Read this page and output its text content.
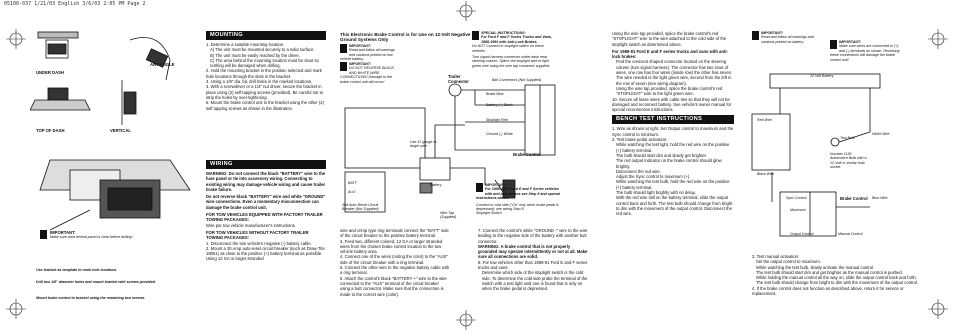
05100-037 1/21/03 English 3/6/03 2:05 PM Page 2
UNDER DASH
ANY ANGLE
TOP OF DASH	VERTICAL
IMPORTANT:
Make sure area behind panel is clear before drilling!
Use bracket as template to mark hole locations.
Drill two 1/8" diameter holes and mount bracket with screws provided.
Mount brake control to bracket using the remaining two screws.
MOUNTING

1. Determine a suitable mounting location.

A) The unit must be mounted securely to a solid surface.

B) The unit must be easily reached by the driver.

C) The area behind the mounting location must be clear so nothing will be damaged when drilling.

2. Hold the mounting bracket in the position selected and mark hole locations through the slots in the bracket.

3. Using a 1/8" dia. bit, drill holes in the marked locations.

4. With a screwdriver or a 1/4" nut driver, secure the bracket in place using (2) self tapping screws (provided). Be careful not to strip the holes by over-tightening.

5. Mount the brake control unit in the bracket using the other (2) self tapping screws as shown in the illustration.

WIRING

WARNING: Do not connect the black "BATTERY" wire to the fuse panel or tie into accessory wiring. Connecting to existing wiring may damage vehicle wiring and cause trailer brake failure.

Do not reverse black "BATTERY" wire and white "GROUND" wire connections. Even a momentary misconnection can damage the brake control unit.

FOR TOW VEHICLES EQUIPPED WITH FACTORY TRAILER TOWING PACKAGES:

Wire per tow vehicle manufacturer's instructions.

FOR TOW VEHICLES WITHOUT FACTORY TRAILER TOWING PACKAGES:

1. Disconnect the tow vehicle's negative (-) battery cable.

2. Mount a 30 Amp auto-reset circuit breaker (such as Draw-Tite 18051) as close to the positive (+) battery terminal as possible. Using 12 GA or larger stranded

This Electronic Brake Control is for Use on 12-Volt Negative Ground Systems Only
IMPORTANT:
Read and follow all warnings and cautions printed on low vehicle battery.
IMPORTANT:
DO NOT REVERSE BLACK AND WHITE WIRE CONNECTIONS! Damage to the brake control unit will occur!
SPECIAL INSTRUCTIONS:
For Ford F and F Series Trucks and Vans, 1988-1991 with Anti-Lock Brakes
Do NOT Connect to stoplight switch on these vehicles
Turn signal harness connector under dash near steering column. Splice red stoplight wire to light green wire using the wire tap connector supplied.
Trailer Connector	Ball Connectors (Not Supplied)
Brake Blue
Battery (+) Black
Stoplight Red
Ground (-) White
Brake Control
Use 12 gauge or larger wire
BATT
AUX
30A Auto-Reset Circuit Breaker (Not Supplied)
Battery
Wire Tap (Supplied)
Stoplight Switch
IMPORTANT:
For 1988-1991 Ford E and F Series vehicles with anti-lock brakes see Step 8 and special instructions above.
Connect to cold side ("On" only when brake pedal is depressed); see wiring Step 8.

wire and crimp type ring terminals connect the "BATT" side of the circuit breaker to the positive battery terminal.

3. Feed two, different colored, 12 GA or larger stranded wires from the chosen brake control location to the tow vehicle battery area.

4. Connect one of the wires (noting the color) to the "AUX" side of the circuit breaker with a ring terminal.

5. Connect the other wire to the negative battery cable with a ring terminal.

6. Attach the control's black "BATTERY +" wire to the wire connected to the "AUX" terminal of the circuit breaker using a butt connector. Make sure that the connection is made to the correct wire (color).

7. Connect the control's white "GROUND -" wire to the wire leading to the negative side of the battery with another butt connector.

WARNING: A brake control that is not properly grounded may operate intermittently or not at all. Make sure all connections are solid.

8. For tow vehicles other than 1988-91 Ford E and F series trucks and vans:

Determine which side of the stoplight switch is the cold side. To determine the cold side probe the terminal of the switch with a test light until one is found that is only on when the brake pedal is depressed.

Using the wire tap provided, splice the brake control's red "STOPLIGHT" wire to the wire attached to the cold side of the stoplight switch as determined above.

For 1989-91 Ford E and F series trucks and vans with anti-lock brakes:

Find the crescent shaped connector located on the steering column (turn signal harness). The connector has two rows of wires, one row has four wires (inside row) the other has seven. The wire needed is the light green wire, second from the left in the row of seven (see wiring diagram).

Using the wire tap provided, splice the brake control's red "STOPLIGHT" wire to the light green wire.

10. Secure all loose wires with cable ties so that they will not be damaged and reconnect battery. See vehicle's owner manual for special reconnection instructions.

BENCH TEST INSTRUCTIONS

1. Wire as shown at right. Set Output control to maximum and the Sync control to minimum.

2. Test brake pedal activation:

While watching the test light, hold the red wire on the positive (+) battery terminal.

The bulb should start dim and slowly get brighter.

The red output indicator on the brake control should glow brightly.

Disconnect the red wire.

Adjust the Sync control to maximum (+).

While watching the test bulb, hold the red wire on the positive (+) battery terminal.

The bulb should light brightly with no delay.

With the red wire still on the battery terminal, slide the output control back and forth. The test bulb should change from bright to dim with the movement of the output control. Disconnect the red wire.

IMPORTANT:
Read and follow all warnings and cautions printed on battery.	IMPORTANT:
Make sure wires are connected to (+) and (-) terminals as shown. Reversing these connections will damage the brake control unit!
12 Volt Battery
Red Wire
White Wire
Black Wire
Blue Wire
Test Bulb
Number 1156 Automotive Bulb with a 12-Volt or similar bulb socket
Sync Control
Output Control
Brake Control
Manual Control
Maximum

3. Test manual activation:

Set the output control to maximum.

While watching the test bulb, slowly activate the manual control.

The test bulb should start dim and get brighter as the manual control is pushed.

While holding the manual control all the way on, slide the output control back and forth.

The test bulb should change from bright to dim with the movement of the output control.

4. If the brake control does not function as described above, return it for service or replacement.
